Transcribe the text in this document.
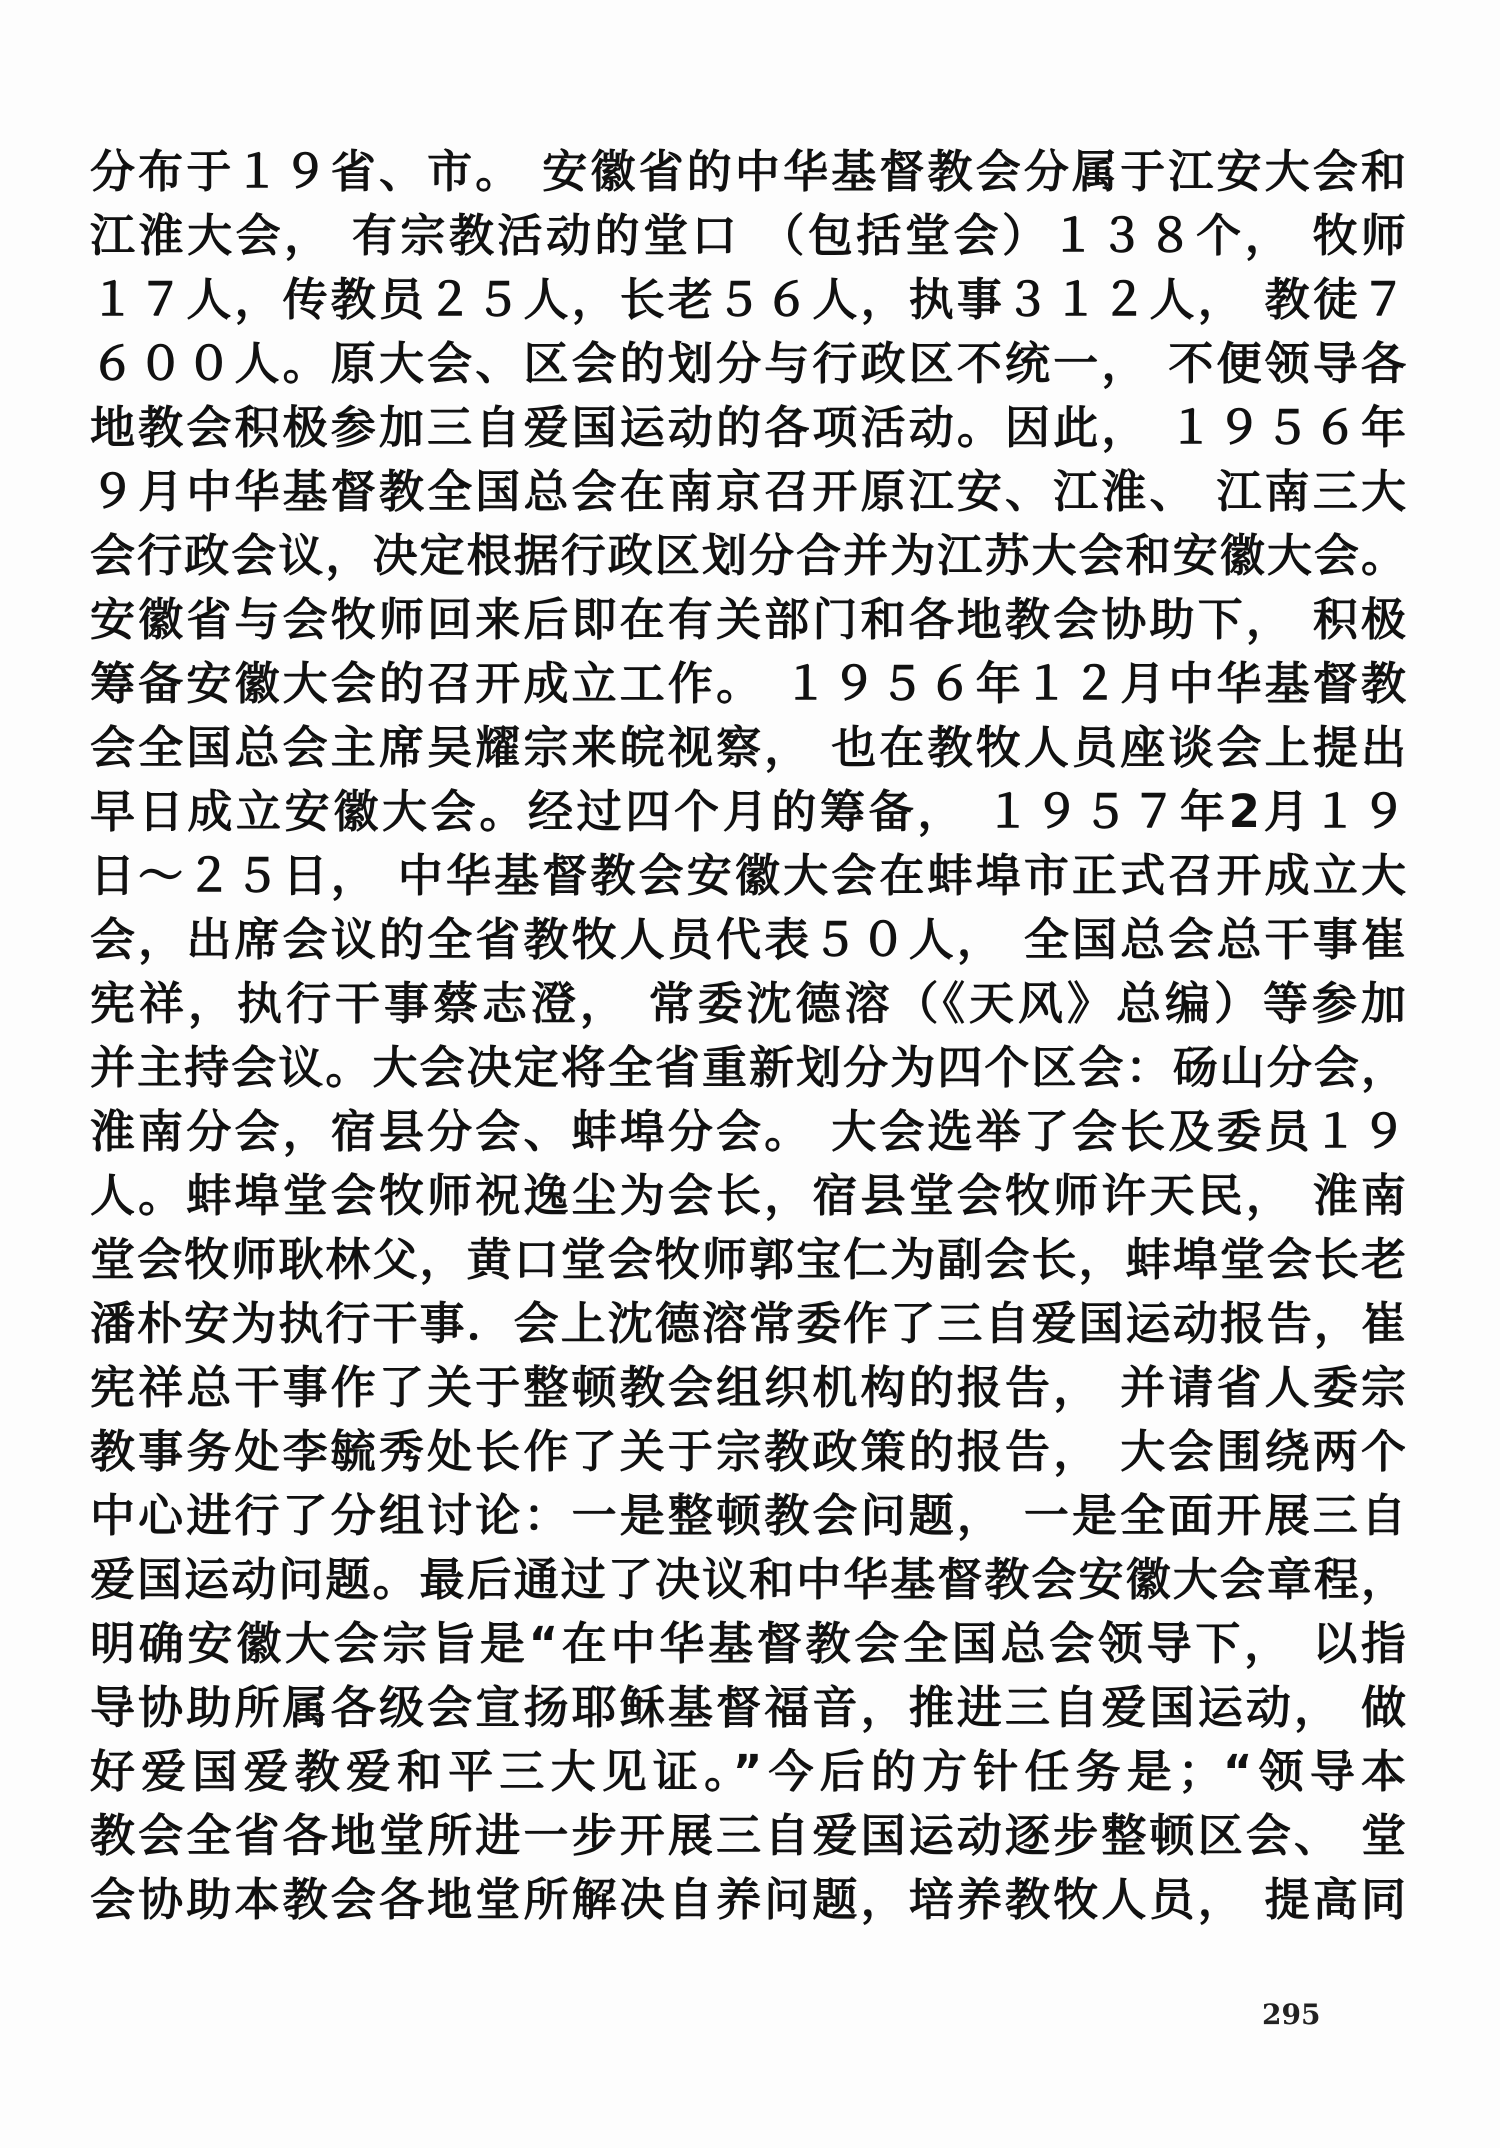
分布于１９省、市。 安徽省的中华基督教会分属于江安大会和
江淮大会， 有宗教活动的堂口 （包括堂会）１３８个， 牧师
１７人，传教员２５人，长老５６人，执事３１２人， 教徒７
６００人。原大会、区会的划分与行政区不统一， 不便领导各
地教会积极参加三自爱国运动的各项活动。因此， １９５６年
９月中华基督教全国总会在南京召开原江安、江淮、 江南三大
会行政会议，决定根据行政区划分合并为江苏大会和安徽大会。
安徽省与会牧师回来后即在有关部门和各地教会协助下， 积极
筹备安徽大会的召开成立工作。 １９５６年１２月中华基督教
会全国总会主席吴耀宗来皖视察， 也在教牧人员座谈会上提出
早日成立安徽大会。经过四个月的筹备， １９５７年2月１９
日～２５日， 中华基督教会安徽大会在蚌埠市正式召开成立大
会，出席会议的全省教牧人员代表５０人， 全国总会总干事崔
宪祥，执行干事蔡志澄， 常委沈德溶（《天风》总编）等参加
并主持会议。大会决定将全省重新划分为四个区会：砀山分会，
淮南分会，宿县分会、蚌埠分会。 大会选举了会长及委员１９
人。蚌埠堂会牧师祝逸尘为会长，宿县堂会牧师许天民， 淮南
堂会牧师耿林父，黄口堂会牧师郭宝仁为副会长，蚌埠堂会长老
潘朴安为执行干事．会上沈德溶常委作了三自爱国运动报告，崔
宪祥总干事作了关于整顿教会组织机构的报告， 并请省人委宗
教事务处李毓秀处长作了关于宗教政策的报告， 大会围绕两个
中心进行了分组讨论：一是整顿教会问题， 一是全面开展三自
爱国运动问题。最后通过了决议和中华基督教会安徽大会章程，
明确安徽大会宗旨是“在中华基督教会全国总会领导下， 以指
导协助所属各级会宣扬耶稣基督福音，推进三自爱国运动， 做
好爱国爱教爱和平三大见证。”今后的方针任务是；“领导本
教会全省各地堂所进一步开展三自爱国运动逐步整顿区会、 堂
会协助本教会各地堂所解决自养问题，培养教牧人员， 提高同
295
